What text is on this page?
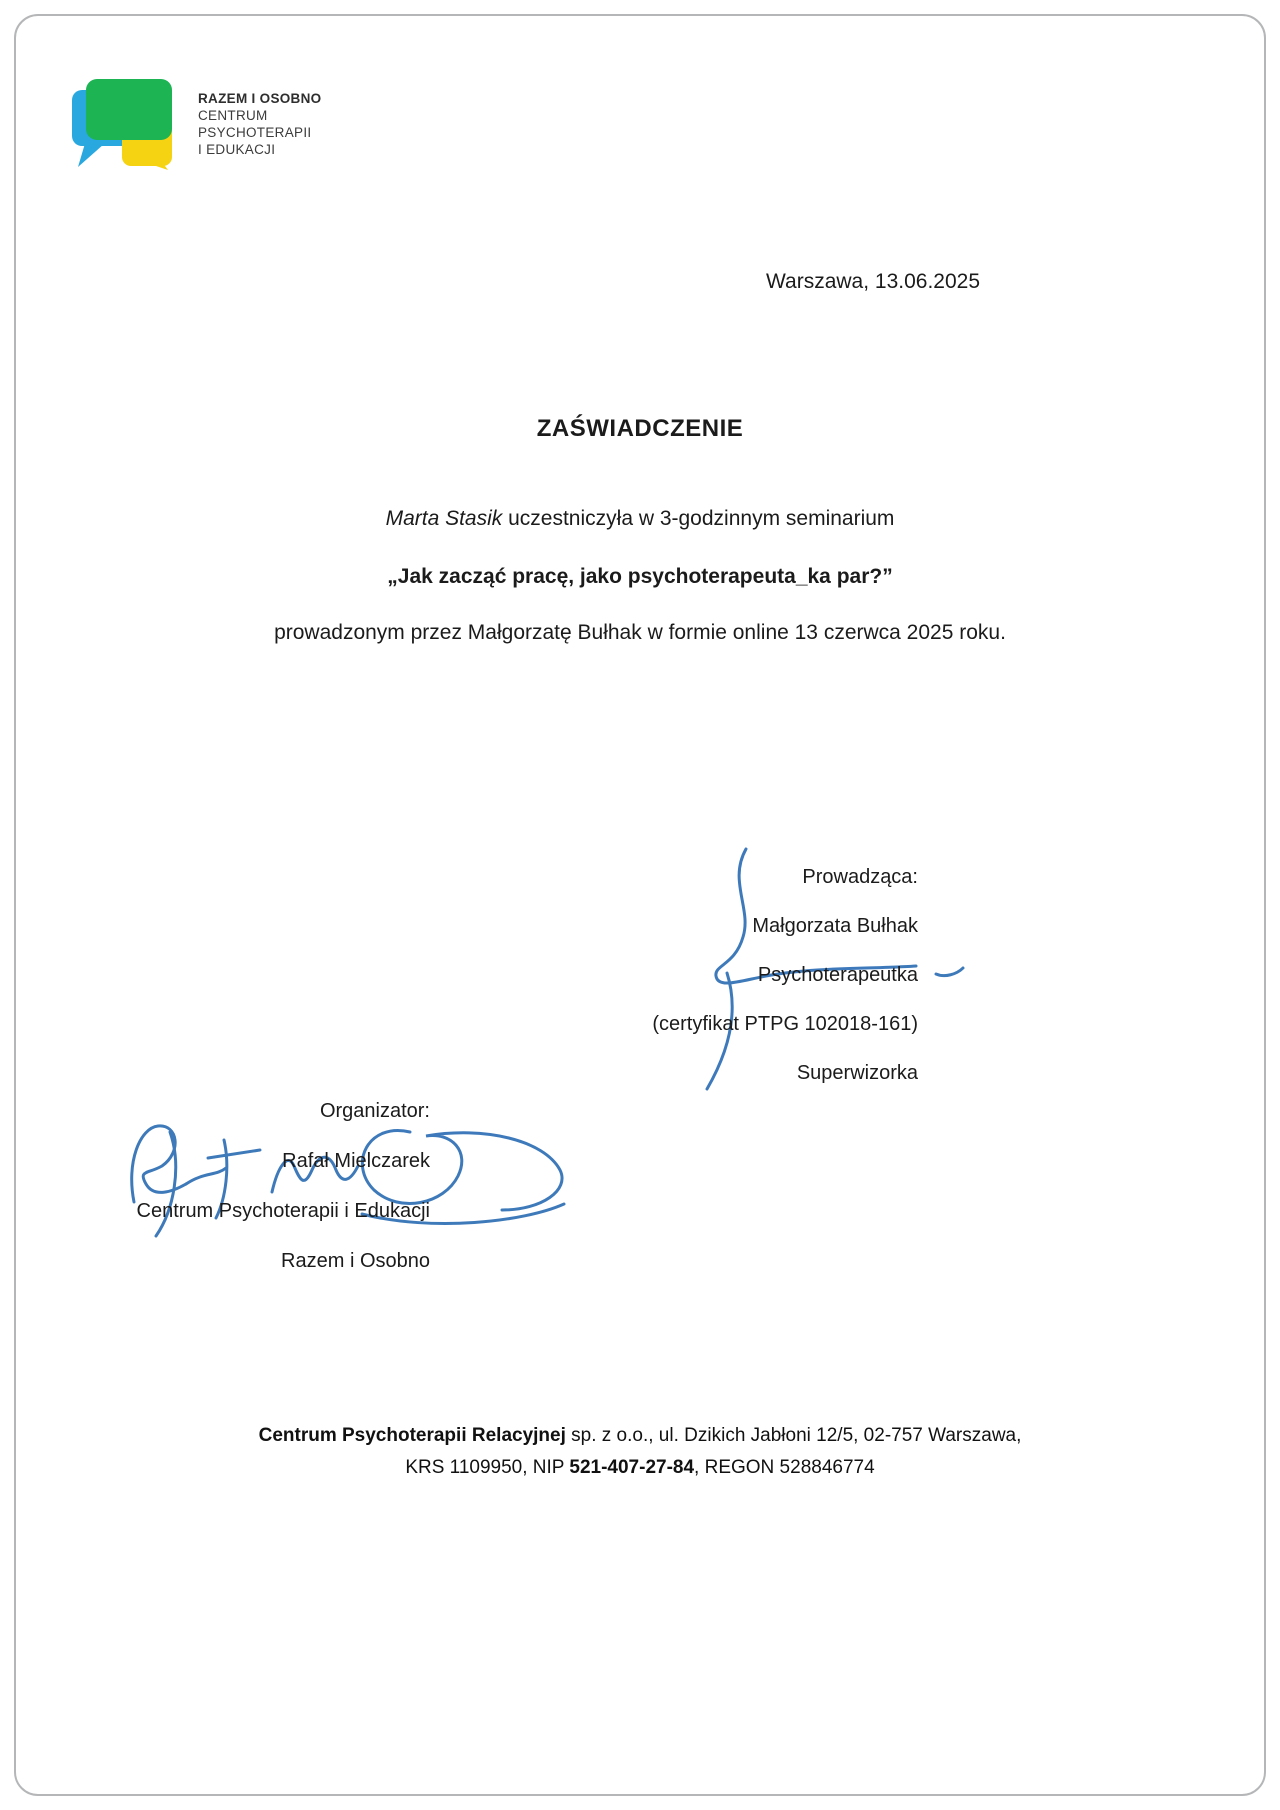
RAZEM I OSOBNO
CENTRUM
PSYCHOTERAPII
I EDUKACJI
Warszawa, 13.06.2025
ZAŚWIADCZENIE
Marta Stasik uczestniczyła w 3-godzinnym seminarium
„Jak zacząć pracę, jako psychoterapeuta_ka par?”
prowadzonym przez Małgorzatę Bułhak w formie online 13 czerwca 2025 roku.
Prowadząca:
Małgorzata Bułhak
Psychoterapeutka
(certyfikat PTPG 102018-161)
Superwizorka
Organizator:
Rafał Mielczarek
Centrum Psychoterapii i Edukacji
Razem i Osobno
Centrum Psychoterapii Relacyjnej sp. z o.o., ul. Dzikich Jabłoni 12/5, 02-757 Warszawa,
KRS 1109950, NIP 521-407-27-84, REGON 528846774
